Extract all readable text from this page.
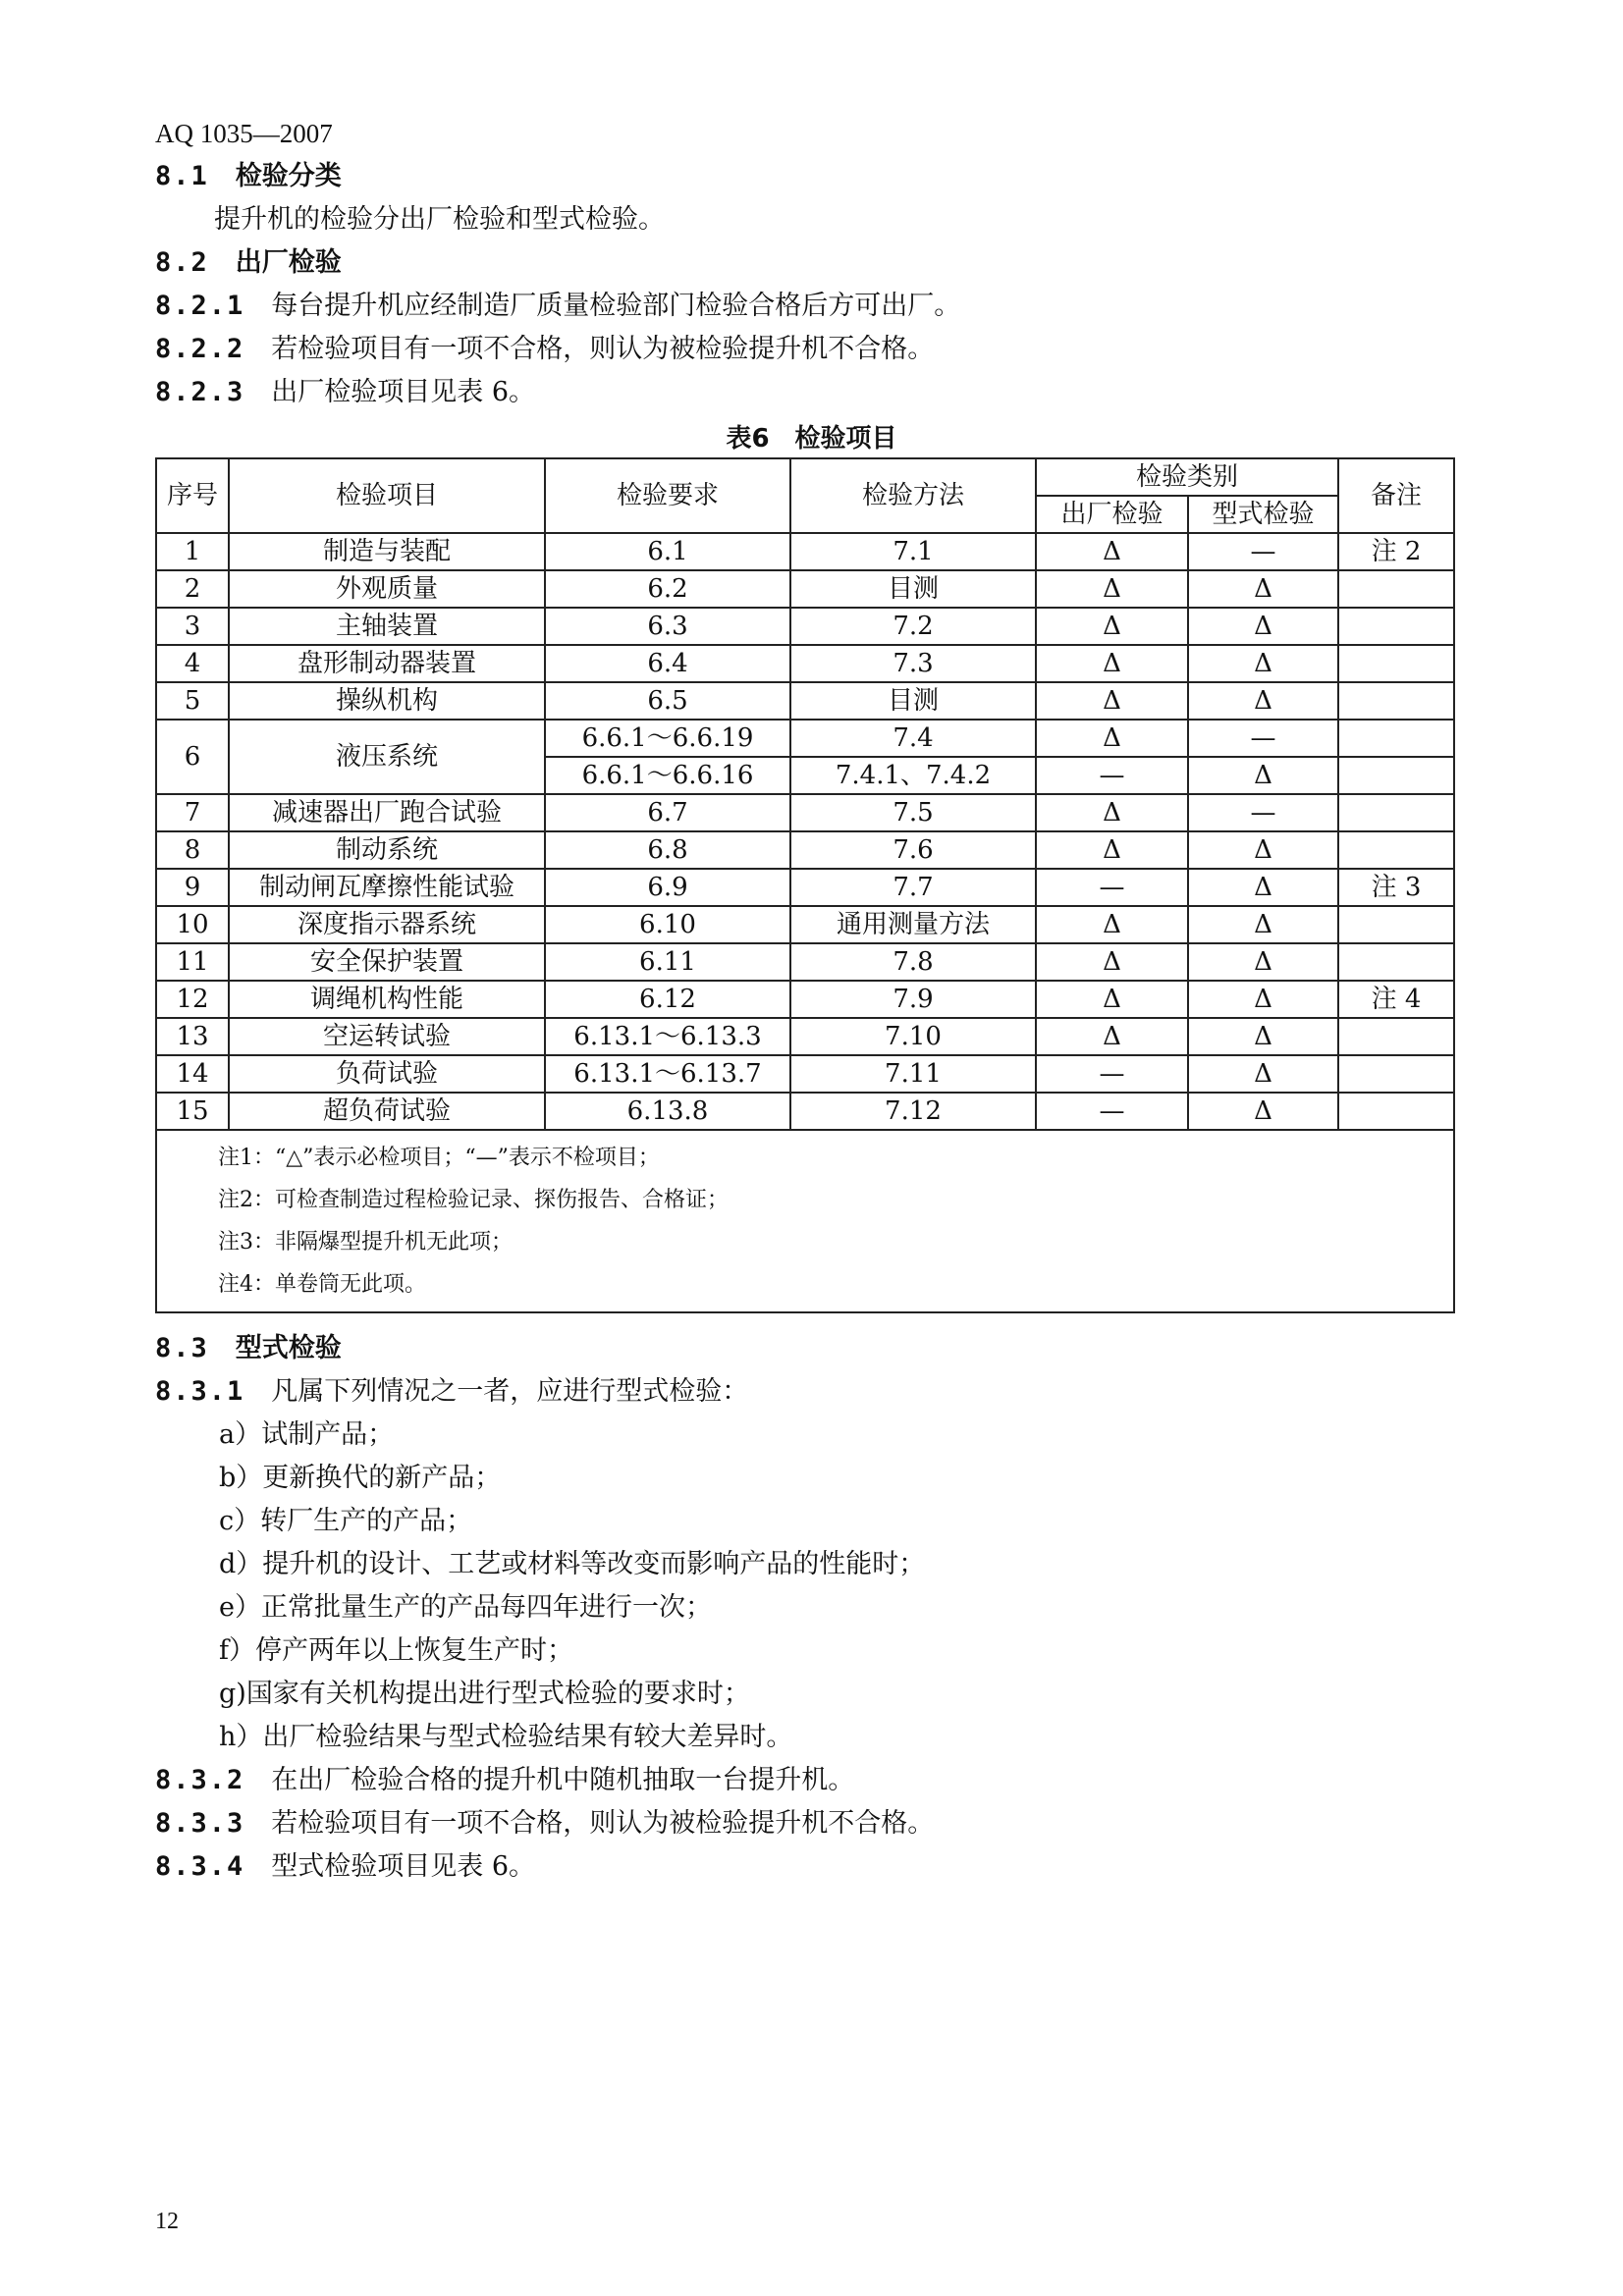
AQ 1035—2007
8.1　 检验分类
提升机的检验分出厂检验和型式检验。
8.2　 出厂检验
8.2.1　 每台提升机应经制造厂质量检验部门检验合格后方可出厂。
8.2.2　 若检验项目有一项不合格，则认为被检验提升机不合格。
8.2.3　 出厂检验项目见表 6。
表6　检验项目
序号	检验项目	检验要求	检验方法	检验类别		备注
				出厂检验	型式检验	
1	制造与装配	6.1	7.1	Δ	—	注 2
2	外观质量	6.2	目测	Δ	Δ	
3	主轴装置	6.3	7.2	Δ	Δ	
4	盘形制动器装置	6.4	7.3	Δ	Δ	
5	操纵机构	6.5	目测	Δ	Δ	
6	液压系统	6.6.1～6.6.19	7.4	Δ	—	
		6.6.1～6.6.16	7.4.1、7.4.2	—	Δ	
7	减速器出厂跑合试验	6.7	7.5	Δ	—	
8	制动系统	6.8	7.6	Δ	Δ	
9	制动闸瓦摩擦性能试验	6.9	7.7	—	Δ	注 3
10	深度指示器系统	6.10	通用测量方法	Δ	Δ	
11	安全保护装置	6.11	7.8	Δ	Δ	
12	调绳机构性能	6.12	7.9	Δ	Δ	注 4
13	空运转试验	6.13.1～6.13.3	7.10	Δ	Δ	
14	负荷试验	6.13.1～6.13.7	7.11	—	Δ	
15	超负荷试验	6.13.8	7.12	—	Δ	

注1：“△”表示必检项目；“—”表示不检项目；
注2：可检查制造过程检验记录、探伤报告、合格证；
注3：非隔爆型提升机无此项；
注4：单卷筒无此项。						
8.3　 型式检验
8.3.1　 凡属下列情况之一者，应进行型式检验：
a）试制产品；
b）更新换代的新产品；
c）转厂生产的产品；
d）提升机的设计、工艺或材料等改变而影响产品的性能时；
e）正常批量生产的产品每四年进行一次；
f）停产两年以上恢复生产时；
g)国家有关机构提出进行型式检验的要求时；
h）出厂检验结果与型式检验结果有较大差异时。
8.3.2　 在出厂检验合格的提升机中随机抽取一台提升机。
8.3.3　 若检验项目有一项不合格，则认为被检验提升机不合格。
8.3.4　 型式检验项目见表 6。
12
